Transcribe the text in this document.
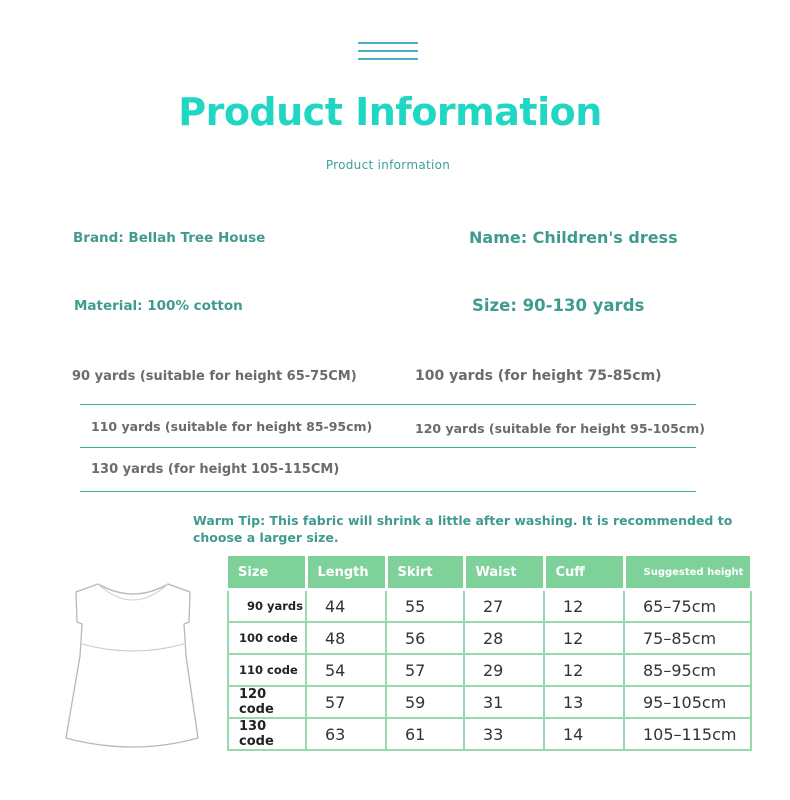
Product Information
Product information
Brand: Bellah Tree House	Name: Children's dress
Material: 100% cotton	Size: 90-130 yards
90 yards (suitable for height 65-75CM)	100 yards (for height 75-85cm)
110 yards (suitable for height 85-95cm)	120 yards (suitable for height 95-105cm)
130 yards (for height 105-115CM)
Warm Tip: This fabric will shrink a little after washing. It is recommended to choose a larger size.
Size	Length	Skirt	Waist	Cuff	Suggested height
90 yards	44	55	27	12	65–75cm
100 code	48	56	28	12	75–85cm
110 code	54	57	29	12	85–95cm
120 code	57	59	31	13	95–105cm
130 code	63	61	33	14	105–115cm
